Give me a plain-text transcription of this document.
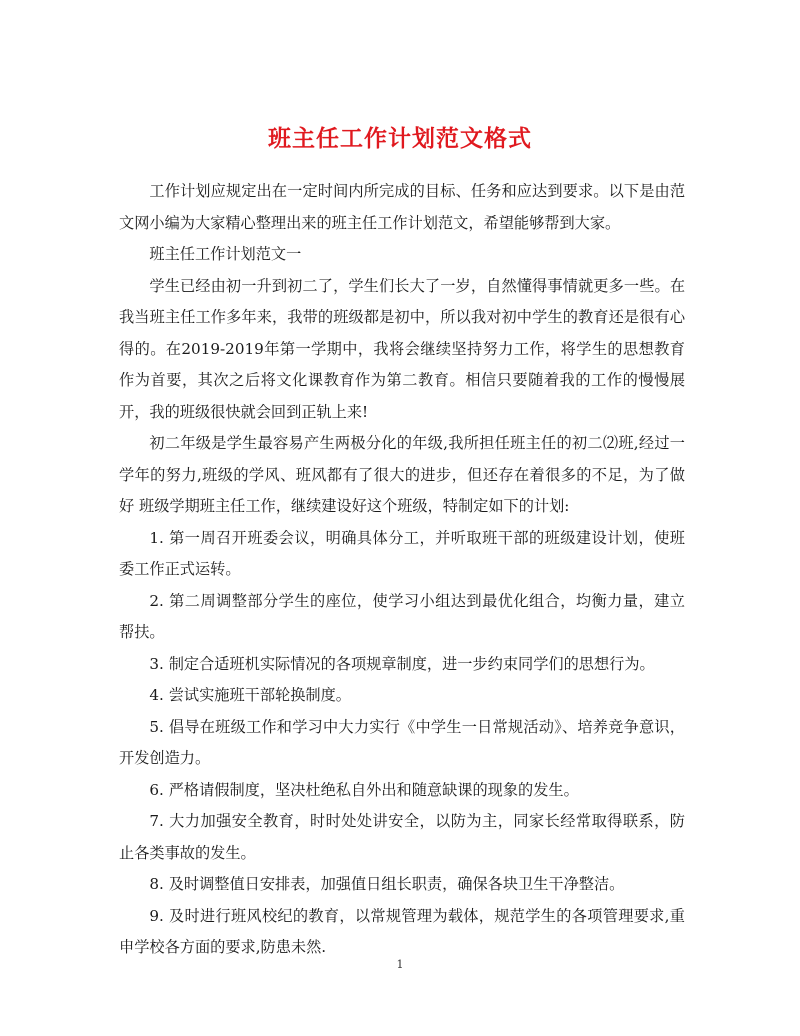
班主任工作计划范文格式

工作计划应规定出在一定时间内所完成的目标、任务和应达到要求。以下是由范文网小编为大家精心整理出来的班主任工作计划范文，希望能够帮到大家。

班主任工作计划范文一

学生已经由初一升到初二了，学生们长大了一岁，自然懂得事情就更多一些。在我当班主任工作多年来，我带的班级都是初中，所以我对初中学生的教育还是很有心得的。在2019-2019年第一学期中，我将会继续坚持努力工作，将学生的思想教育作为首要，其次之后将文化课教育作为第二教育。相信只要随着我的工作的慢慢展开，我的班级很快就会回到正轨上来!

初二年级是学生最容易产生两极分化的年级,我所担任班主任的初二⑵班,经过一学年的努力,班级的学风、班风都有了很大的进步，但还存在着很多的不足，为了做好 班级学期班主任工作，继续建设好这个班级，特制定如下的计划:

1. 第一周召开班委会议，明确具体分工，并听取班干部的班级建设计划，使班委工作正式运转。

2. 第二周调整部分学生的座位，使学习小组达到最优化组合，均衡力量，建立帮扶。

3. 制定合适班机实际情况的各项规章制度，进一步约束同学们的思想行为。

4. 尝试实施班干部轮换制度。

5. 倡导在班级工作和学习中大力实行《中学生一日常规活动》、培养竞争意识，开发创造力。

6. 严格请假制度，坚决杜绝私自外出和随意缺课的现象的发生。

7. 大力加强安全教育，时时处处讲安全，以防为主，同家长经常取得联系，防止各类事故的发生。

8. 及时调整值日安排表，加强值日组长职责，确保各块卫生干净整洁。

9. 及时进行班风校纪的教育，以常规管理为载体，规范学生的各项管理要求,重申学校各方面的要求,防患未然.

1
